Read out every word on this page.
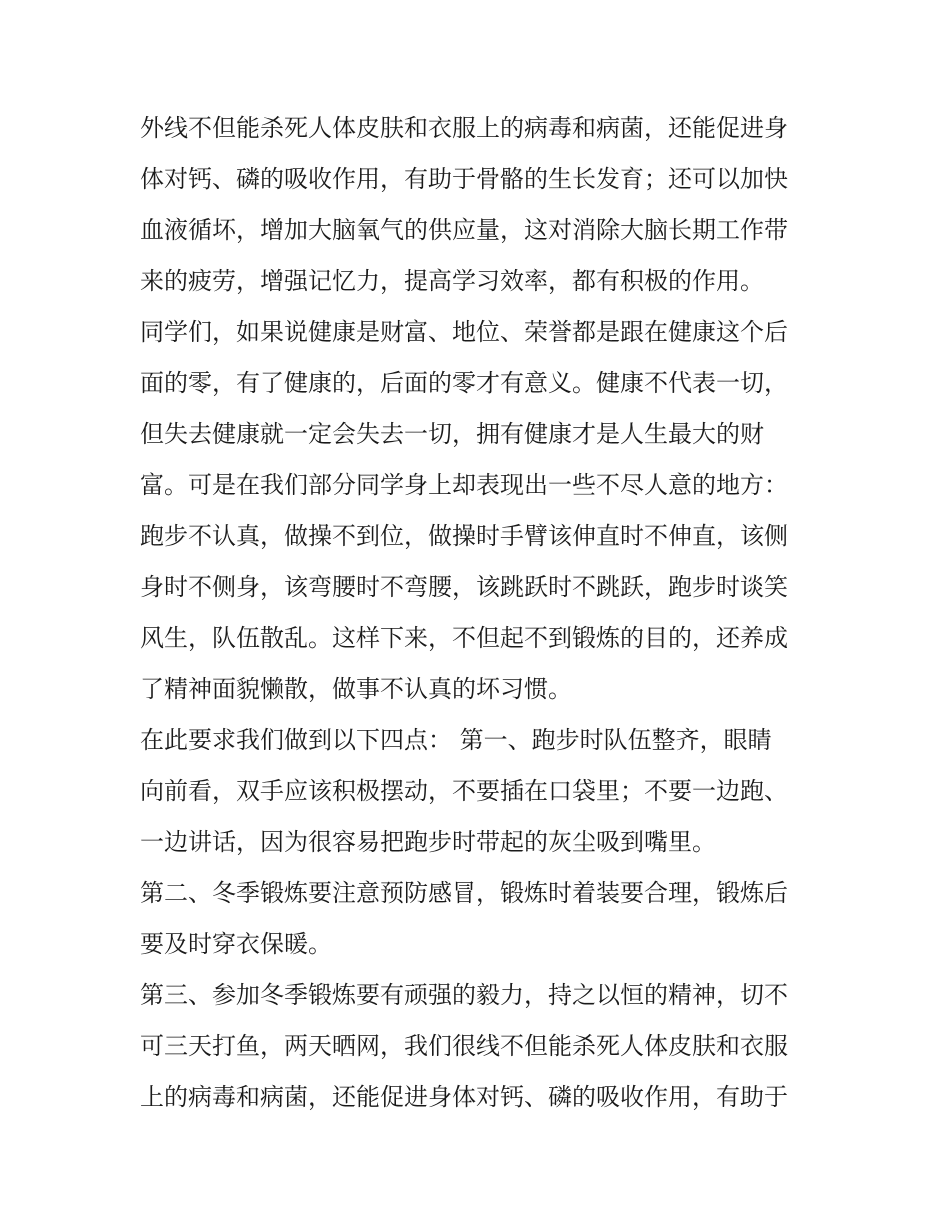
外线不但能杀死人体皮肤和衣服上的病毒和病菌，还能促进身
体对钙、磷的吸收作用，有助于骨骼的生长发育；还可以加快
血液循坏，增加大脑氧气的供应量，这对消除大脑长期工作带
来的疲劳，增强记忆力，提高学习效率，都有积极的作用。
同学们，如果说健康是财富、地位、荣誉都是跟在健康这个后
面的零，有了健康的，后面的零才有意义。健康不代表一切，
但失去健康就一定会失去一切，拥有健康才是人生最大的财
富。可是在我们部分同学身上却表现出一些不尽人意的地方：
跑步不认真，做操不到位，做操时手臂该伸直时不伸直，该侧
身时不侧身，该弯腰时不弯腰，该跳跃时不跳跃，跑步时谈笑
风生，队伍散乱。这样下来，不但起不到锻炼的目的，还养成
了精神面貌懒散，做事不认真的坏习惯。
在此要求我们做到以下四点： 第一、跑步时队伍整齐，眼睛
向前看，双手应该积极摆动，不要插在口袋里；不要一边跑、
一边讲话，因为很容易把跑步时带起的灰尘吸到嘴里。
第二、冬季锻炼要注意预防感冒，锻炼时着装要合理，锻炼后
要及时穿衣保暖。
第三、参加冬季锻炼要有顽强的毅力，持之以恒的精神，切不
可三天打鱼，两天晒网，我们很线不但能杀死人体皮肤和衣服
上的病毒和病菌，还能促进身体对钙、磷的吸收作用，有助于
